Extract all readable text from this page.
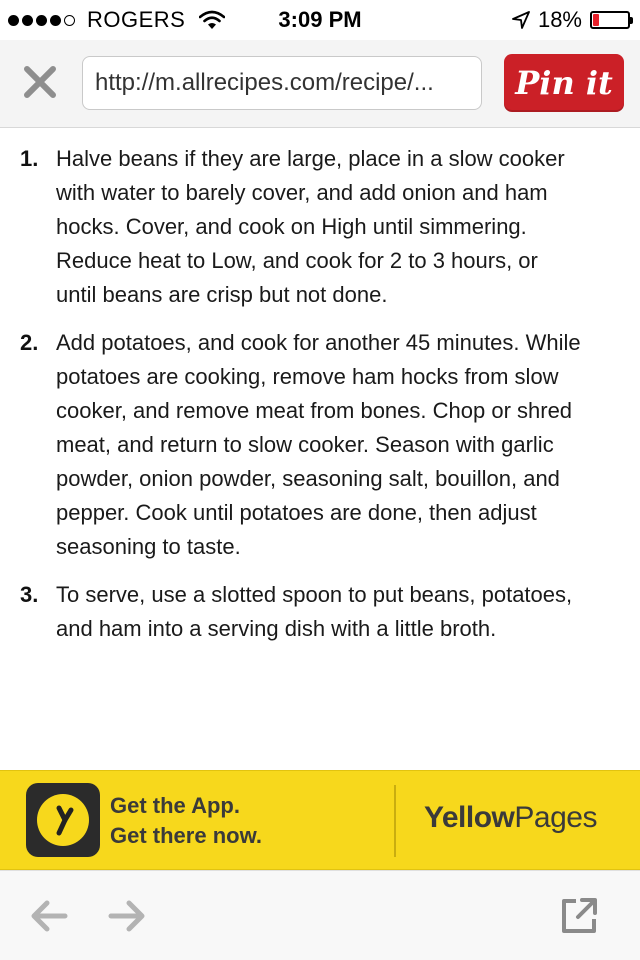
ROGERS	3:09 PM	18%
http://m.allrecipes.com/recipe/...	Pin it
1. Halve beans if they are large, place in a slow cooker with water to barely cover, and add onion and ham hocks. Cover, and cook on High until simmering. Reduce heat to Low, and cook for 2 to 3 hours, or until beans are crisp but not done.
2. Add potatoes, and cook for another 45 minutes. While potatoes are cooking, remove ham hocks from slow cooker, and remove meat from bones. Chop or shred meat, and return to slow cooker. Season with garlic powder, onion powder, seasoning salt, bouillon, and pepper. Cook until potatoes are done, then adjust seasoning to taste.
3. To serve, use a slotted spoon to put beans, potatoes, and ham into a serving dish with a little broth.
Get the App.
Get there now.
YellowPages
